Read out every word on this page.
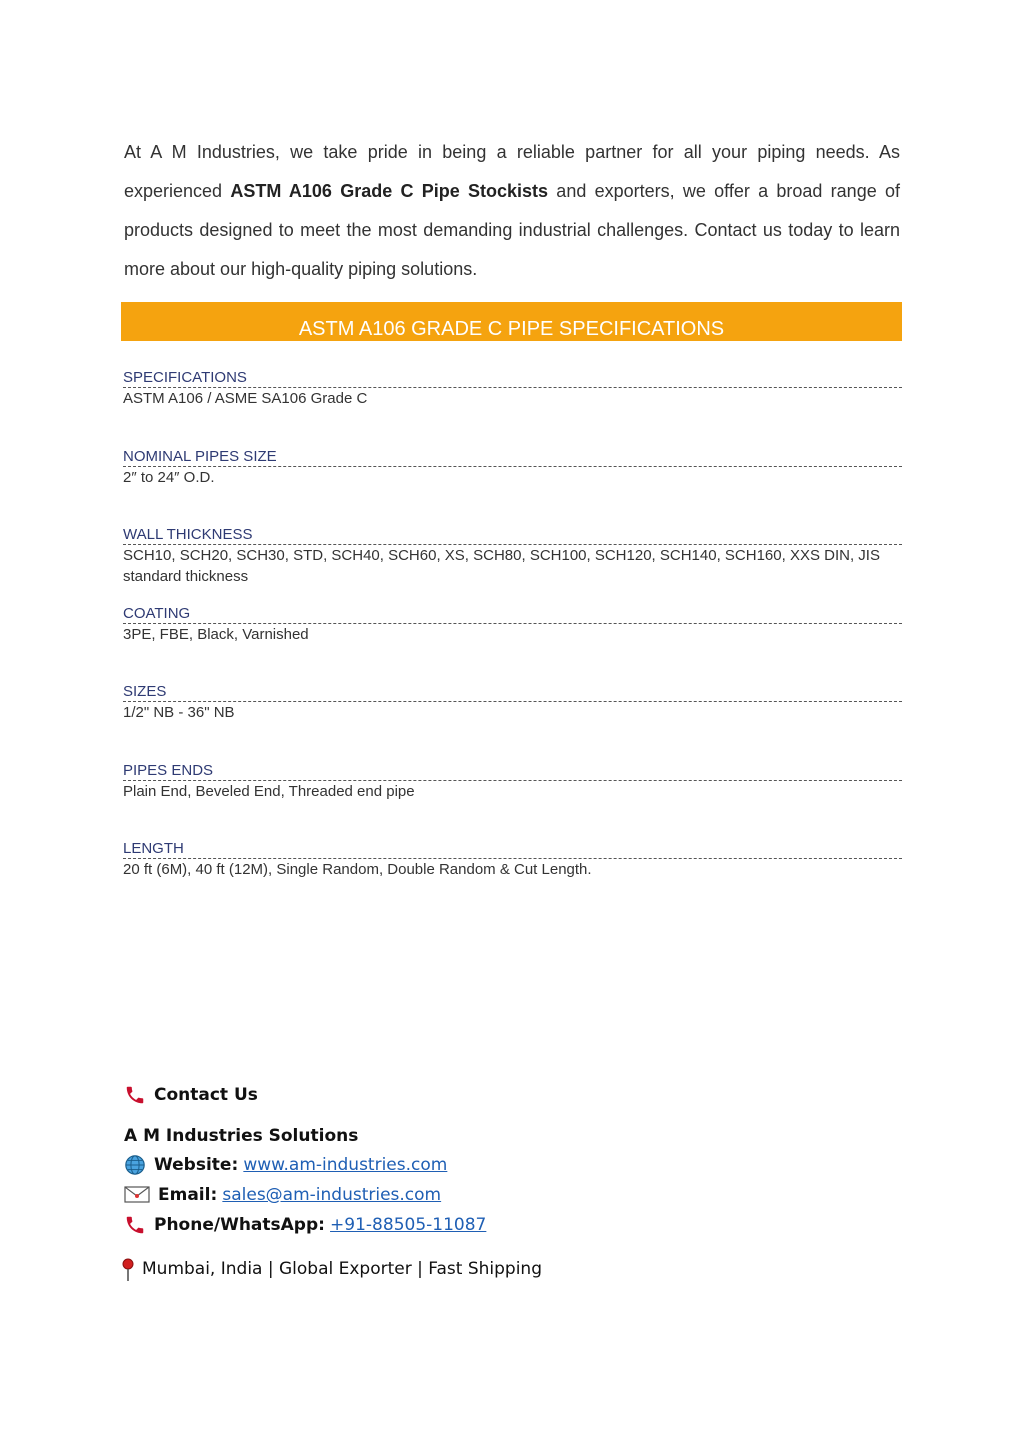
At A M Industries, we take pride in being a reliable partner for all your piping needs. As experienced ASTM A106 Grade C Pipe Stockists and exporters, we offer a broad range of products designed to meet the most demanding industrial challenges. Contact us today to learn more about our high-quality piping solutions.
ASTM A106 GRADE C PIPE SPECIFICATIONS
SPECIFICATIONS
ASTM A106 / ASME SA106 Grade C
NOMINAL PIPES SIZE
2″ to 24″ O.D.
WALL THICKNESS
SCH10, SCH20, SCH30, STD, SCH40, SCH60, XS, SCH80, SCH100, SCH120, SCH140, SCH160, XXS DIN, JIS standard thickness
COATING
3PE, FBE, Black, Varnished
SIZES
1/2" NB - 36" NB
PIPES ENDS
Plain End, Beveled End, Threaded end pipe
LENGTH
20 ft (6M), 40 ft (12M), Single Random, Double Random & Cut Length.
Contact Us
A M Industries Solutions
Website:
www.am-industries.com
Email:
sales@am-industries.com
Phone/WhatsApp:
+91-88505-11087
Mumbai, India | Global Exporter | Fast Shipping
